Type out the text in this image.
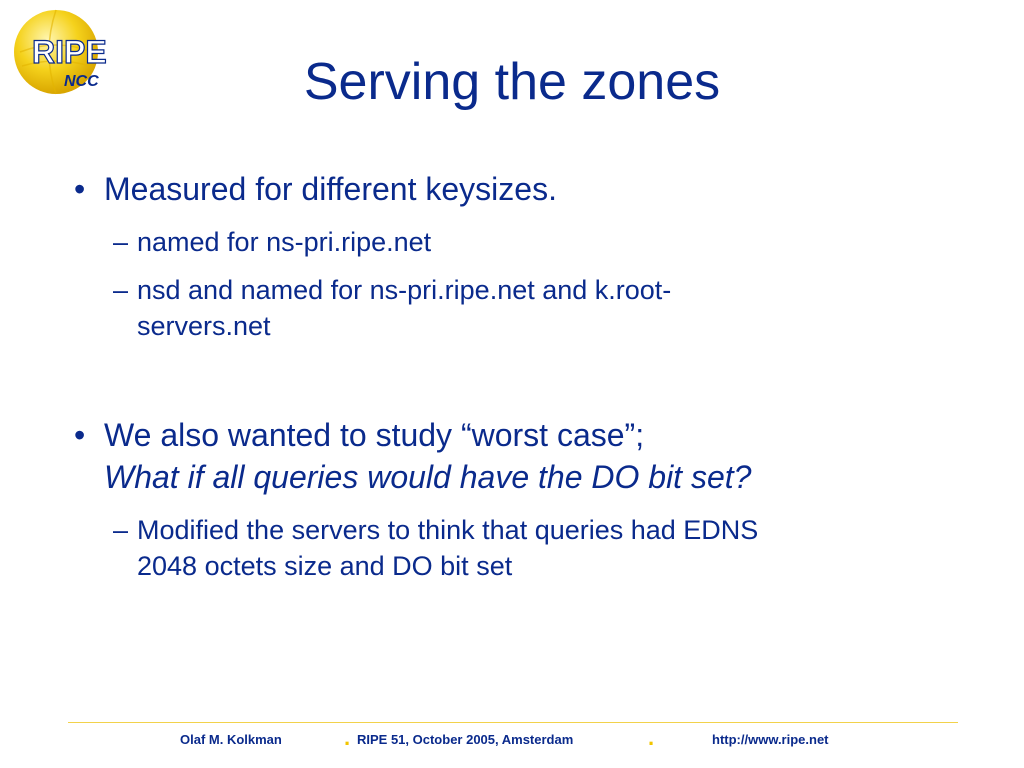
RIPE
NCC	Serving the zones
• Measured for different keysizes.
– named for ns-pri.ripe.net
– nsd and named for ns-pri.ripe.net and k.root-
servers.net
• We also wanted to study “worst case”;
What if all queries would have the DO bit set?
– Modified the servers to think that queries had EDNS
2048 octets size and DO bit set
Olaf M. Kolkman	. RIPE 51, October 2005, Amsterdam	.	http://www.ripe.net
